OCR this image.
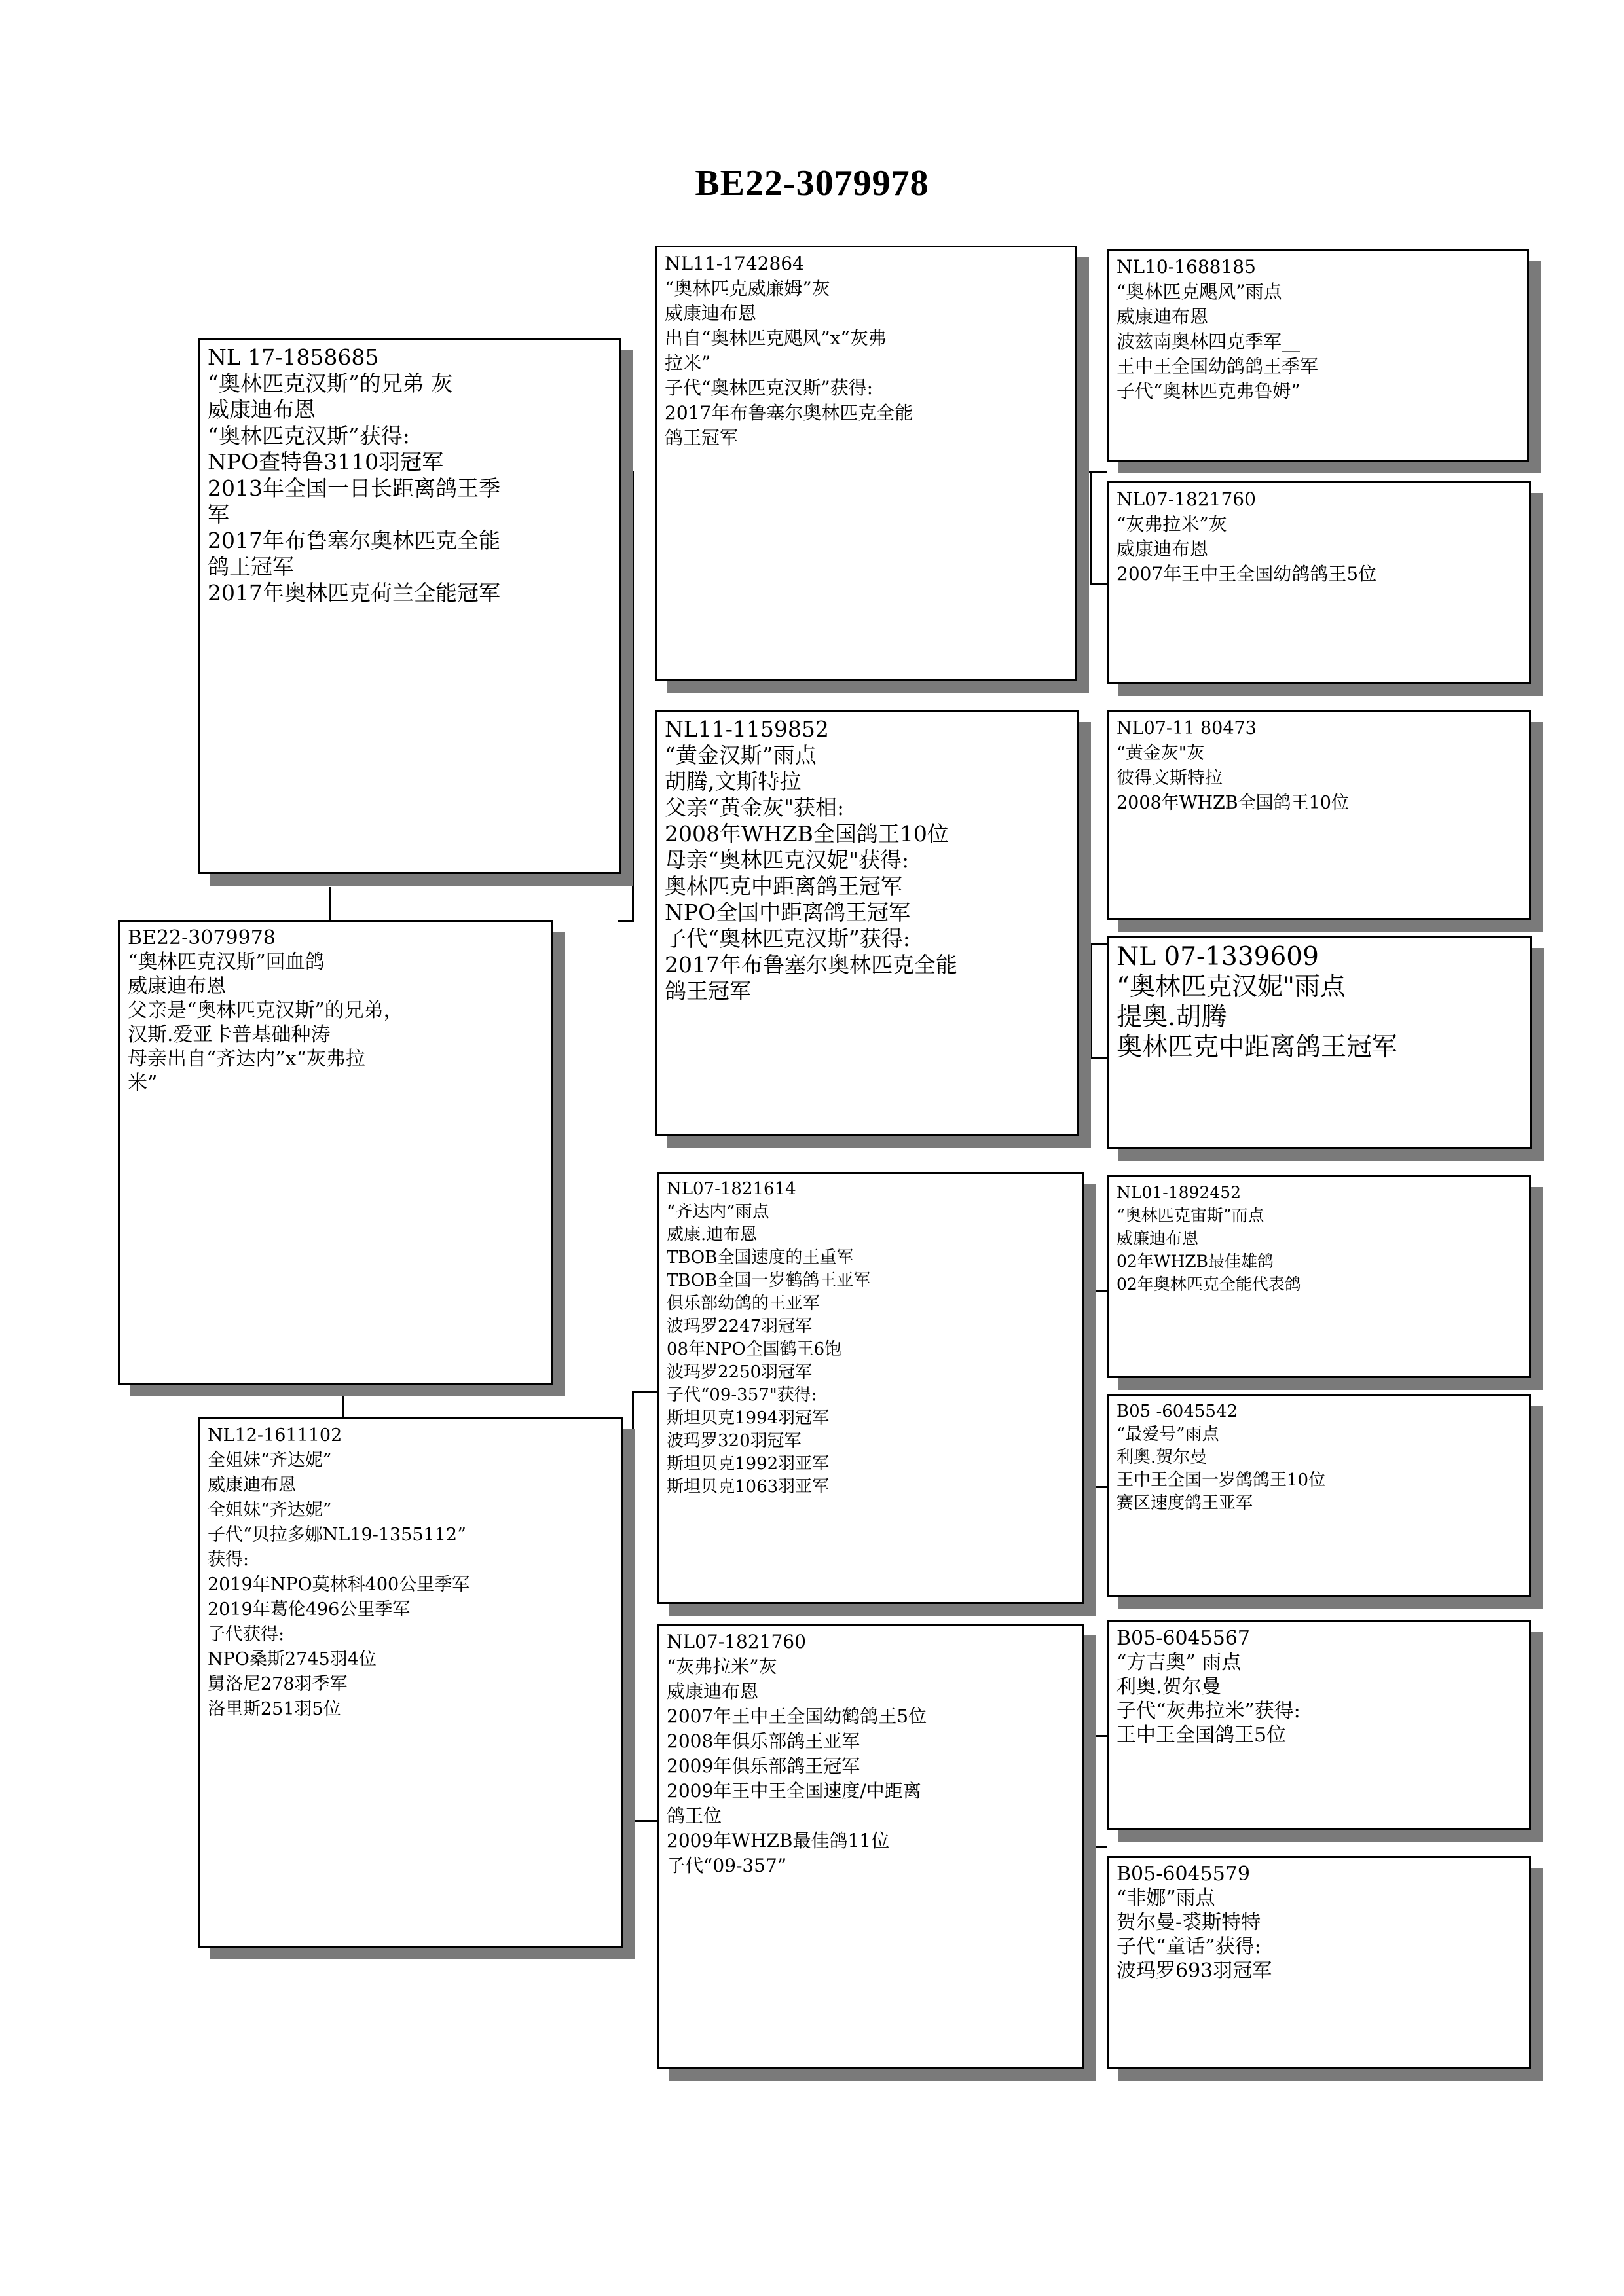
BE22-3079978
BE22-3079978
“奥林匹克汉斯”回血鸽
威康迪布恩
父亲是“奥林匹克汉斯”的兄弟，
汉斯.爱亚卡普基础种涛
母亲出自“齐达内”x“灰弗拉
米”
NL 17-1858685
“奥林匹克汉斯”的兄弟 灰
威康迪布恩
“奥林匹克汉斯”获得:
NPO查特鲁3110羽冠军
2013年全国一日长距离鸽王季
军
2017年布鲁塞尔奥林匹克全能
鸽王冠军
2017年奥林匹克荷兰全能冠军
NL12-1611102
全姐妹“齐达妮”
威康迪布恩
全姐妹“齐达妮”
子代“贝拉多娜NL19-1355112”
获得:
2019年NPO莫林科400公里季军
2019年葛伦496公里季军
子代获得:
NPO桑斯2745羽4位
舅洛尼278羽季军
洛里斯251羽5位
NL11-1742864
“奥林匹克威廉姆”灰
威康迪布恩
出自“奥林匹克飓风”x“灰弗
拉米”
子代“奥林匹克汉斯”获得:
2017年布鲁塞尔奥林匹克全能
鸽王冠军
NL11-1159852
“黄金汉斯”雨点
胡腾,文斯特拉
父亲“黄金灰"获相:
2008年WHZB全国鸽王10位
母亲“奥林匹克汉妮"获得:
奥林匹克中距离鸽王冠军
NPO全国中距离鸽王冠军
子代“奥林匹克汉斯”获得:
2017年布鲁塞尔奥林匹克全能
鸽王冠军
NL07-1821614
“齐达内”雨点
威康.迪布恩
TBOB全国速度的王重军
TBOB全国一岁鹤鸽王亚军
俱乐部幼鸽的王亚军
波玛罗2247羽冠军
08年NPO全国鹤王6饱
波玛罗2250羽冠军
子代“09-357"获得:
斯坦贝克1994羽冠军
波玛罗320羽冠军
斯坦贝克1992羽亚军
斯坦贝克1063羽亚军
NL07-1821760
“灰弗拉米”灰
威康迪布恩
2007年王中王全国幼鹤鸽王5位
2008年俱乐部鸽王亚军
2009年俱乐部鸽王冠军
2009年王中王全国速度/中距离
鸽王位
2009年WHZB最佳鸽11位
子代“09-357”
NL10-1688185
“奥林匹克飓风”雨点
威康迪布恩
波兹南奥林四克季军__
王中王全国幼鸽鸽王季军
子代“奥林匹克弗鲁姆”
NL07-1821760
“灰弗拉米”灰
威康迪布恩
2007年王中王全国幼鸽鸽王5位
NL07-11 80473
“黄金灰"灰
彼得文斯特拉
2008年WHZB全国鸽王10位
NL 07-1339609
“奥林匹克汉妮"雨点
提奥.胡腾
奥林匹克中距离鸽王冠军
NL01-1892452
“奥林匹克宙斯”而点
威廉迪布恩
02年WHZB最佳雄鸽
02年奥林匹克全能代表鸽
B05 -6045542
“最爱号”雨点
利奥.贺尔曼
王中王全国一岁鸽鸽王10位
赛区速度鸽王亚军
B05-6045567
“方吉奥” 雨点
利奥.贺尔曼
子代“灰弗拉米”获得:
王中王全国鸽王5位
B05-6045579
“非娜”雨点
贺尔曼-裘斯特特
子代“童话”获得:
波玛罗693羽冠军
